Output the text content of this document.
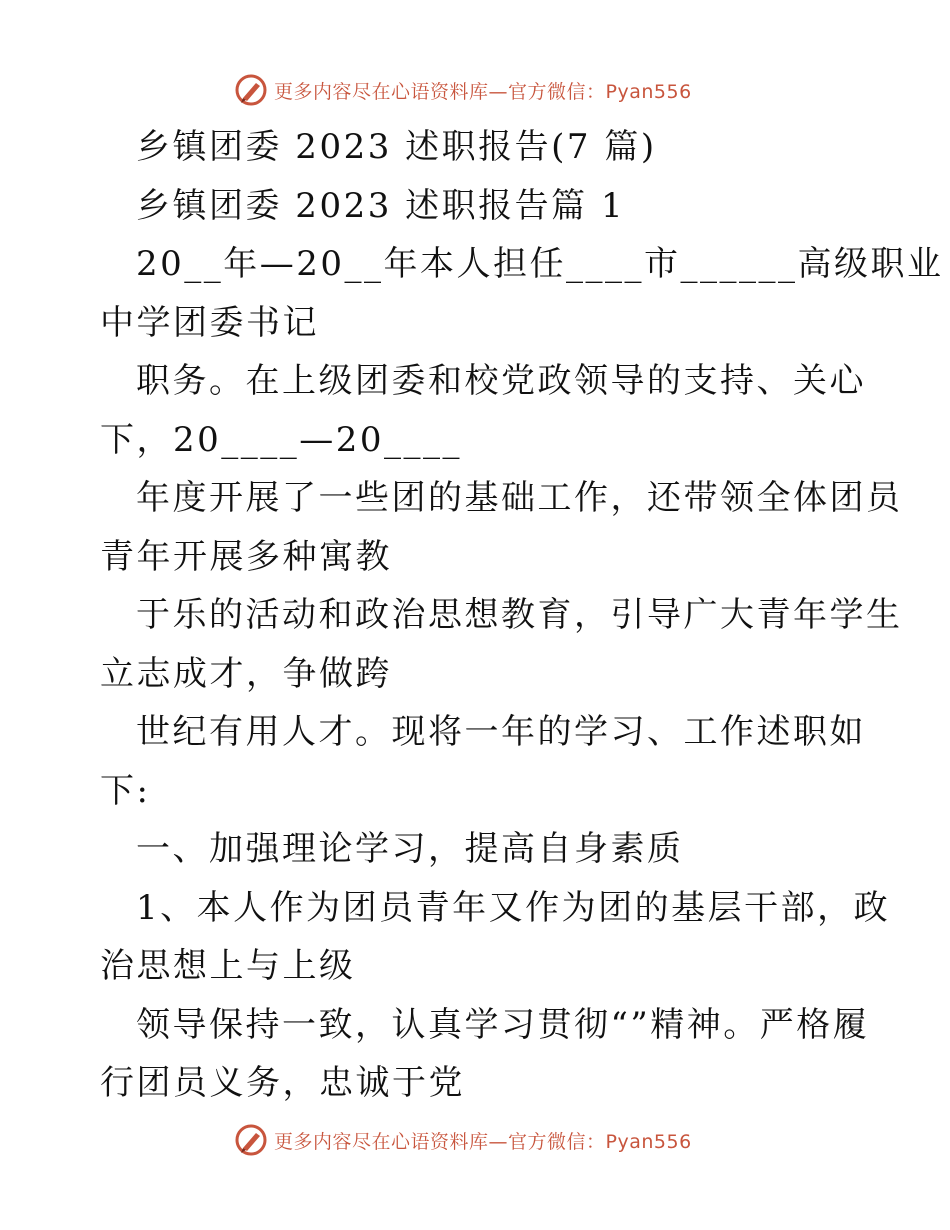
更多内容尽在心语资料库—官方微信：Pyan556

乡镇团委 2023 述职报告(7 篇)

乡镇团委 2023 述职报告篇 1

20__年—20__年本人担任____市______高级职业

中学团委书记

职务。在上级团委和校党政领导的支持、关心

下，20____—20____

年度开展了一些团的基础工作，还带领全体团员

青年开展多种寓教

于乐的活动和政治思想教育，引导广大青年学生

立志成才，争做跨

世纪有用人才。现将一年的学习、工作述职如

下:

一、加强理论学习，提高自身素质

1、本人作为团员青年又作为团的基层干部，政

治思想上与上级

领导保持一致，认真学习贯彻“”精神。严格履

行团员义务，忠诚于党

更多内容尽在心语资料库—官方微信：Pyan556
